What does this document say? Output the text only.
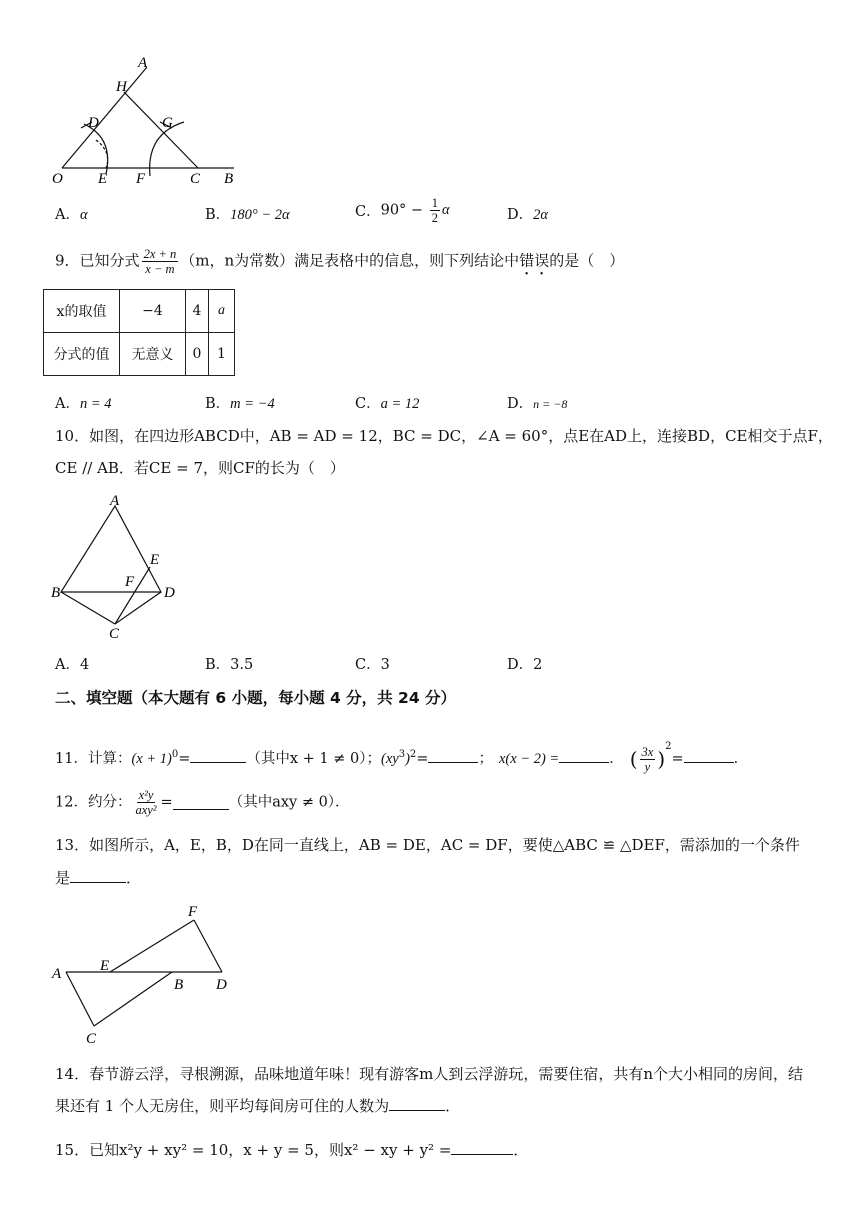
A
H
D	G
O E F	C B
A．α	B．180° − 2α	C．$90^\circ - \frac{1}{2}$ α	D．2α
9．已知分式 $\frac{2x + n}{x - m} (m$，n为常数）满足表格中的信息，则下列结论中错误的是（　）
x的取值	−4	4	a
分式的值	无意义	0	1
A．n = 4	B．m = −4	C．a = 12	D．n = −8
10．如图，在四边形ABCD中，AB = AD = 12，BC = DC，∠A = 60°，点E在AD上，连接BD，CE相交于点F，
CE // AB．若CE = 7，则CF的长为（　）
A
E
F
B	D
C
A．4	B．3.5	C．3	D．2
二、填空题（本大题有 6 小题，每小题 4 分，共 24 分）
11．计算：$(x + 1)^0=$	（其中x + 1 ≠ 0）；$(xy^3)^2=$	； x(x − 2) =	． ( $\frac{3x}{y} )^2=$	．
12．约分： $\frac{\text{x²y}}{\text{axy²}}$ =	（其中axy ≠ 0）．
13．如图所示，A，E，B，D在同一直线上，AB = DE，AC = DF，要使△ABC ≌ △DEF，需添加的一个条件
是	．
F
A	E
B D
C
14．春节游云浮，寻根溯源，品味地道年味！现有游客m人到云浮游玩，需要住宿，共有n个大小相同的房间，结
果还有 1 个人无房住，则平均每间房可住的人数为	．
15．已知x²y + xy² = 10，x + y = 5，则x² − xy + y² =	．
